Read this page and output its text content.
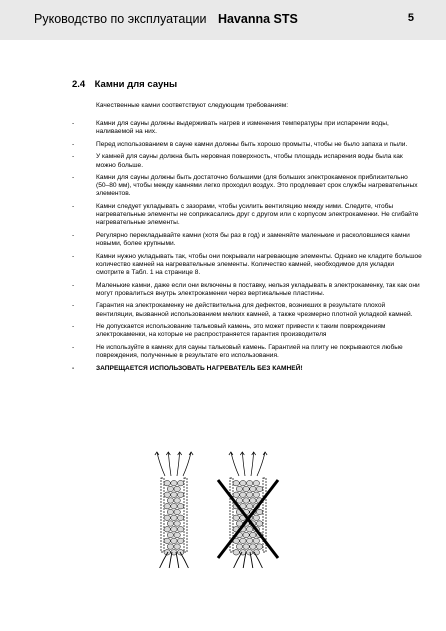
Руководство по эксплуатации Havanna STS	5
2.4 Камни для сауны
Качественные камни соответствуют следующим требованиям:
-	Камни для сауны должны выдерживать нагрев и изменения температуры при испарении воды, наливаемой на них.
-	Перед использованием в сауне камни должны быть хорошо промыты, чтобы не было запаха и пыли.
-	У камней для сауны должна быть неровная поверхность, чтобы площадь испарения воды была как можно больше.
-	Камни для сауны должны быть достаточно большими (для больших электрокаменок приблизительно (50–80 мм), чтобы между камнями легко проходил воздух. Это продлевает срок службы нагревательных элементов.
-	Камни следует укладывать с зазорами, чтобы усилить вентиляцию между ними. Следите, чтобы нагревательные элементы не соприкасались друг с другом или с корпусом электрокаменки. Не сгибайте нагревательные элементы.
-	Регулярно перекладывайте камни (хотя бы раз в год) и заменяйте маленькие и расколовшиеся камни новыми, более крупными.
-	Камни нужно укладывать так, чтобы они покрывали нагревающие элементы. Однако не кладите большое количество камней на нагревательные элементы. Количество камней, необходимое для укладки смотрите в Табл. 1 на странице 8.
-	Маленькие камни, даже если они включены в поставку, нельзя укладывать в электрокаменку, так как они могут провалиться внутрь электрокаменки через вертикальные пластины.
-	Гарантия на электрокаменку не действительна для дефектов, возникших в результате плохой вентиляции, вызванной использованием мелких камней, а также чрезмерно плотной укладкой камней.
-	Не допускается использование тальковый камень, это может привести к таким повреждениям электрокаменки, на которые не распространяется гарантия производителя
-	Не используйте в камнях для сауны тальковый камень. Гарантией на плиту не покрываются любые повреждения, полученные в результате его использования.
-	ЗАПРЕЩАЕТСЯ ИСПОЛЬЗОВАТЬ НАГРЕВАТЕЛЬ БЕЗ КАМНЕЙ!
